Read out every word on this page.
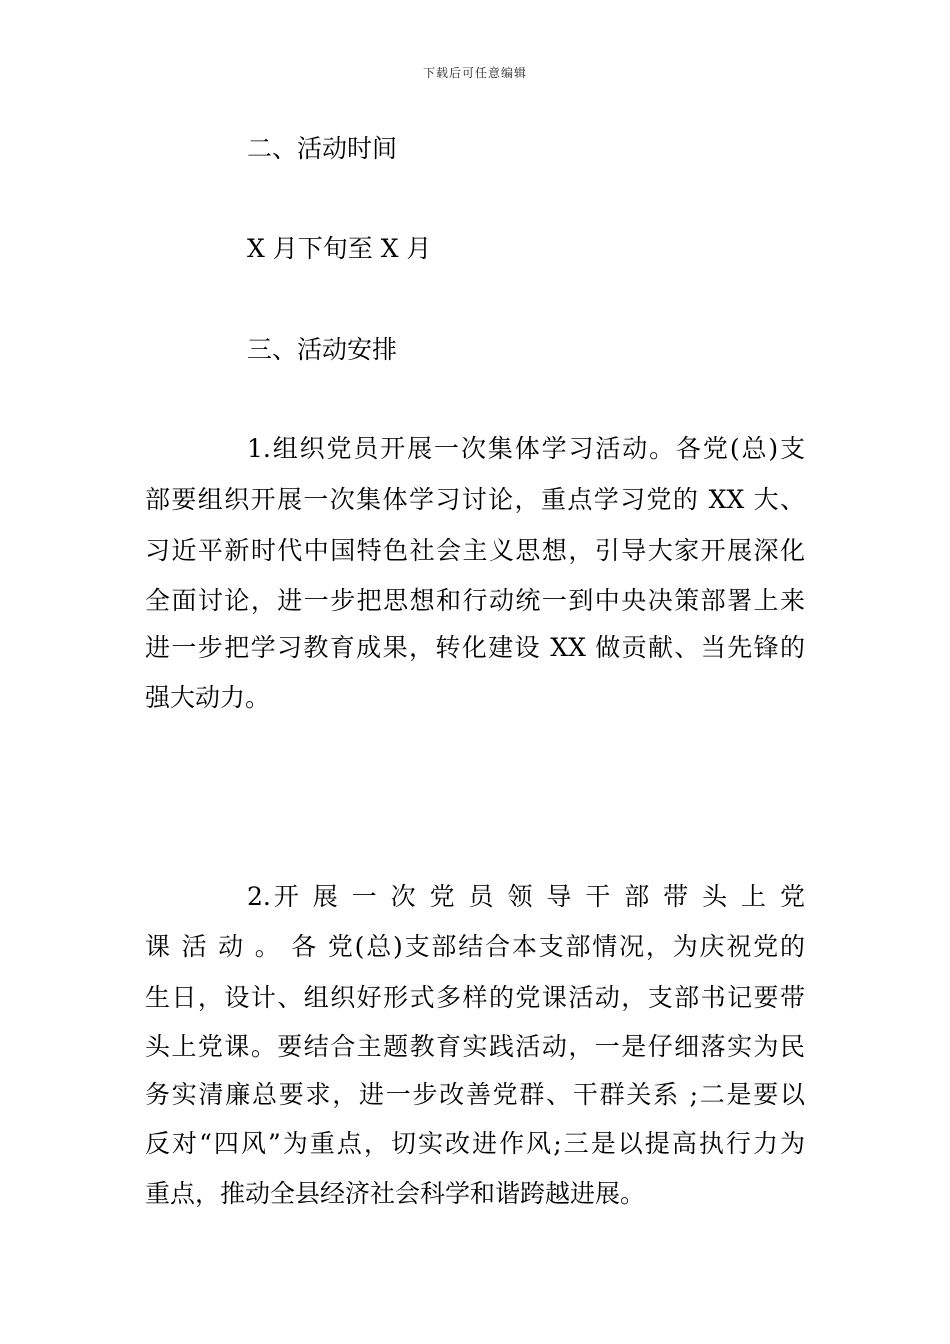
下载后可任意编辑
二、活动时间
X 月下旬至 X 月
三、活动安排
1.组织党员开展一次集体学习活动。各党(总)支
部要组织开展一次集体学习讨论，重点学习党的 XX 大、
习近平新时代中国特色社会主义思想，引导大家开展深化
全面讨论，进一步把思想和行动统一到中央决策部署上来
进一步把学习教育成果，转化建设 XX 做贡献、当先锋的
强大动力。
2.开 展 一 次 党 员 领 导 干 部 带 头 上 党
课 活 动 。 各 党(总)支部结合本支部情况，为庆祝党的
生日，设计、组织好形式多样的党课活动，支部书记要带
头上党课。要结合主题教育实践活动，一是仔细落实为民
务实清廉总要求，进一步改善党群、干群关系 ;二是要以
反对“四风”为重点，切实改进作风;三是以提高执行力为
重点，推动全县经济社会科学和谐跨越进展。
